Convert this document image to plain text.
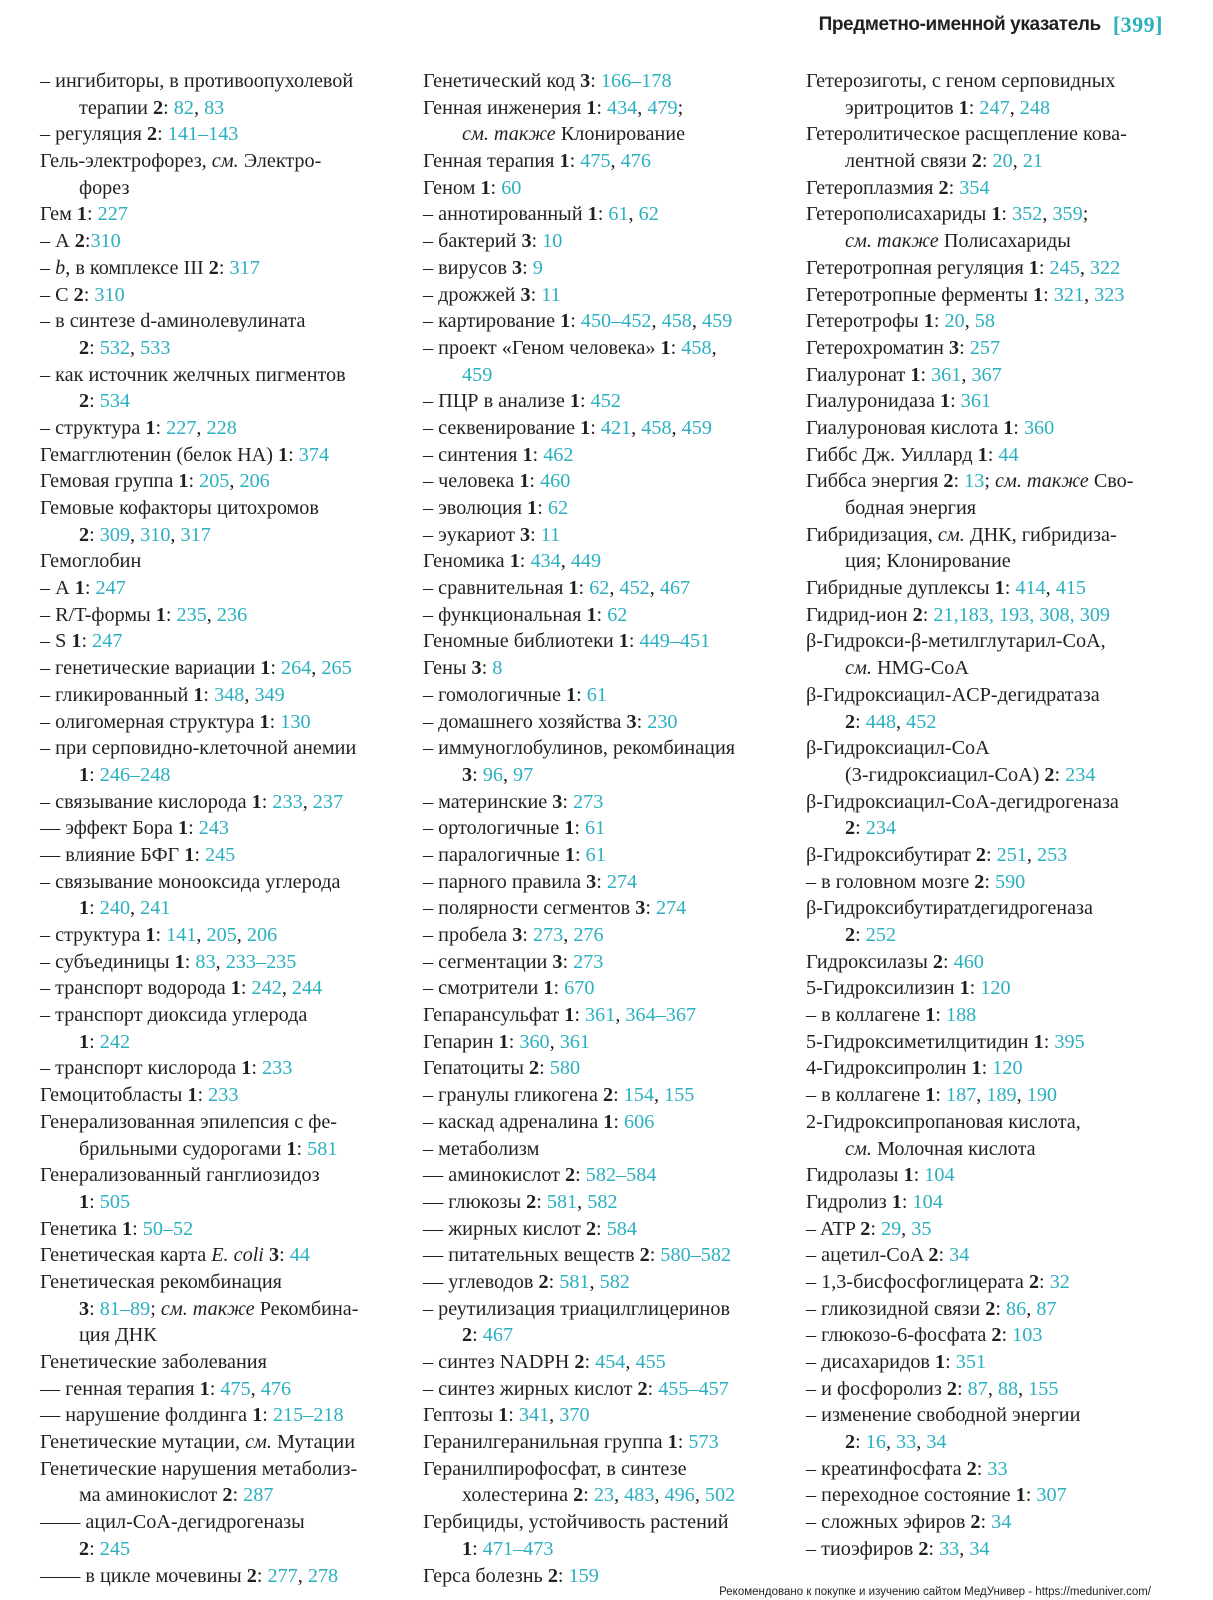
Предметно-именной указатель [399]
– ингибиторы, в противоопухолевой
терапии 2: 82, 83
– регуляция 2: 141–143
Гель-электрофорез, см. Электро-
форез
Гем 1: 227
– А 2:310
– b, в комплексе III 2: 317
– С 2: 310
– в синтезе d-аминолевулината
2: 532, 533
– как источник желчных пигментов
2: 534
– структура 1: 227, 228
Гемагглютенин (белок НА) 1: 374
Гемовая группа 1: 205, 206
Гемовые кофакторы цитохромов
2: 309, 310, 317
Гемоглобин
– А 1: 247
– R/T-формы 1: 235, 236
– S 1: 247
– генетические вариации 1: 264, 265
– гликированный 1: 348, 349
– олигомерная структура 1: 130
– при серповидно-клеточной анемии
1: 246–248
– связывание кислорода 1: 233, 237
–– эффект Бора 1: 243
–– влияние БФГ 1: 245
– связывание монооксида углерода
1: 240, 241
– структура 1: 141, 205, 206
– субъединицы 1: 83, 233–235
– транспорт водорода 1: 242, 244
– транспорт диоксида углерода
1: 242
– транспорт кислорода 1: 233
Гемоцитобласты 1: 233
Генерализованная эпилепсия с фе-
брильными судорогами 1: 581
Генерализованный ганглиозидоз
1: 505
Генетика 1: 50–52
Генетическая карта E. coli 3: 44
Генетическая рекомбинация
3: 81–89; см. также Рекомбина-
ция ДНК
Генетические заболевания
–– генная терапия 1: 475, 476
–– нарушение фолдинга 1: 215–218
Генетические мутации, см. Мутации
Генетические нарушения метаболиз-
ма аминокислот 2: 287
–––– ацил-CoA-дегидрогеназы
2: 245
–––– в цикле мочевины 2: 277, 278
Генетический код 3: 166–178
Генная инженерия 1: 434, 479;
см. также Клонирование
Генная терапия 1: 475, 476
Геном 1: 60
– аннотированный 1: 61, 62
– бактерий 3: 10
– вирусов 3: 9
– дрожжей 3: 11
– картирование 1: 450–452, 458, 459
– проект «Геном человека» 1: 458,
459
– ПЦР в анализе 1: 452
– секвенирование 1: 421, 458, 459
– синтения 1: 462
– человека 1: 460
– эволюция 1: 62
– эукариот 3: 11
Геномика 1: 434, 449
– сравнительная 1: 62, 452, 467
– функциональная 1: 62
Геномные библиотеки 1: 449–451
Гены 3: 8
– гомологичные 1: 61
– домашнего хозяйства 3: 230
– иммуноглобулинов, рекомбинация
3: 96, 97
– материнские 3: 273
– ортологичные 1: 61
– паралогичные 1: 61
– парного правила 3: 274
– полярности сегментов 3: 274
– пробела 3: 273, 276
– сегментации 3: 273
– смотрители 1: 670
Гепарансульфат 1: 361, 364–367
Гепарин 1: 360, 361
Гепатоциты 2: 580
– гранулы гликогена 2: 154, 155
– каскад адреналина 1: 606
– метаболизм
–– аминокислот 2: 582–584
–– глюкозы 2: 581, 582
–– жирных кислот 2: 584
–– питательных веществ 2: 580–582
–– углеводов 2: 581, 582
– реутилизация триацилглицеринов
2: 467
– синтез NADPH 2: 454, 455
– синтез жирных кислот 2: 455–457
Гептозы 1: 341, 370
Геранилгеранильная группа 1: 573
Геранилпирофосфат, в синтезе
холестерина 2: 23, 483, 496, 502
Гербициды, устойчивость растений
1: 471–473
Герса болезнь 2: 159
Гетерозиготы, с геном серповидных
эритроцитов 1: 247, 248
Гетеролитическое расщепление кова-
лентной связи 2: 20, 21
Гетероплазмия 2: 354
Гетерополисахариды 1: 352, 359;
см. также Полисахариды
Гетеротропная регуляция 1: 245, 322
Гетеротропные ферменты 1: 321, 323
Гетеротрофы 1: 20, 58
Гетерохроматин 3: 257
Гиалуронат 1: 361, 367
Гиалуронидаза 1: 361
Гиалуроновая кислота 1: 360
Гиббс Дж. Уиллард 1: 44
Гиббса энергия 2: 13; см. также Сво-
бодная энергия
Гибридизация, см. ДНК, гибридиза-
ция; Клонирование
Гибридные дуплексы 1: 414, 415
Гидрид-ион 2: 21,183, 193, 308, 309
β-Гидрокси-β-метилглутарил-CoA,
см. HMG-CoA
β-Гидроксиацил-ACP-дегидратаза
2: 448, 452
β-Гидроксиацил-CoA
(3-гидроксиацил-CoA) 2: 234
β-Гидроксиацил-CoA-дегидрогеназа
2: 234
β-Гидроксибутират 2: 251, 253
– в головном мозге 2: 590
β-Гидроксибутиратдегидрогеназа
2: 252
Гидроксилазы 2: 460
5-Гидроксилизин 1: 120
– в коллагене 1: 188
5-Гидроксиметилцитидин 1: 395
4-Гидроксипролин 1: 120
– в коллагене 1: 187, 189, 190
2-Гидроксипропановая кислота,
см. Молочная кислота
Гидролазы 1: 104
Гидролиз 1: 104
– ATP 2: 29, 35
– ацетил-CoA 2: 34
– 1,3-бисфосфоглицерата 2: 32
– гликозидной связи 2: 86, 87
– глюкозо-6-фосфата 2: 103
– дисахаридов 1: 351
– и фосфоролиз 2: 87, 88, 155
– изменение свободной энергии
2: 16, 33, 34
– креатинфосфата 2: 33
– переходное состояние 1: 307
– сложных эфиров 2: 34
– тиоэфиров 2: 33, 34
Рекомендовано к покупке и изучению сайтом МедУнивер - https://meduniver.com/
